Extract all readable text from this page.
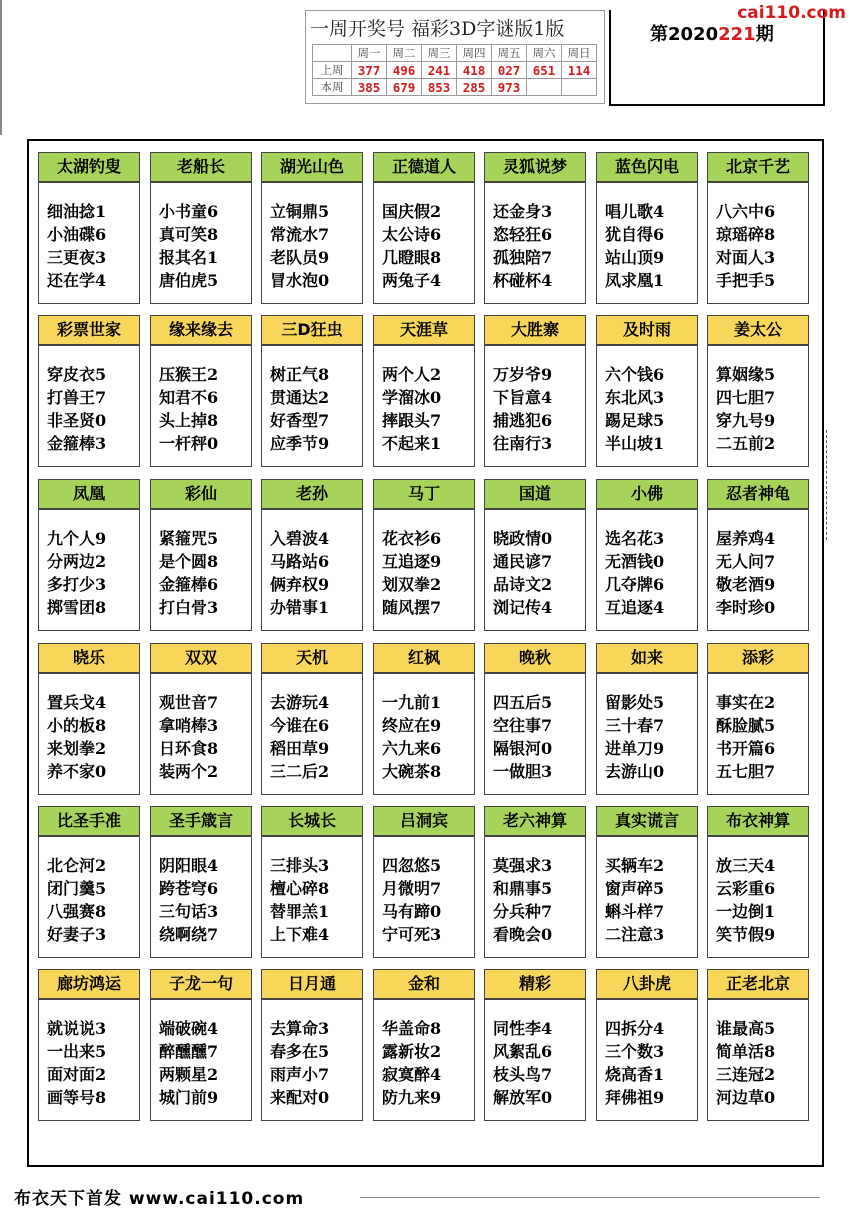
一周开奖号 福彩3D字谜版1版
	周一	周二	周三	周四	周五	周六	周日
上周	377	496	241	418	027	651	114
本周	385	679	853	285	973		
第2020221期
cai110.com
太湖钓叟
细油捻1
小油碟6
三更夜3
还在学4
老船长
小书童6
真可笑8
报其名1
唐伯虎5
湖光山色
立铜鼎5
常流水7
老队员9
冒水泡0
正德道人
国庆假2
太公诗6
几瞪眼8
两兔子4
灵狐说梦
还金身3
恣轻狂6
孤独陪7
杯碰杯4
蓝色闪电
唱儿歌4
犹自得6
站山顶9
凤求凰1
北京千艺
八六中6
琼瑶碎8
对面人3
手把手5
彩票世家
穿皮衣5
打兽王7
非圣贤0
金箍棒3
缘来缘去
压猴王2
知君不6
头上掉8
一杆秤0
三D狂虫
树正气8
贯通达2
好香型7
应季节9
天涯草
两个人2
学溜冰0
摔跟头7
不起来1
大胜寨
万岁爷9
下旨意4
捕逃犯6
往南行3
及时雨
六个钱6
东北风3
踢足球5
半山坡1
姜太公
算姻缘5
四七胆7
穿九号9
二五前2
凤凰
九个人9
分两边2
多打少3
掷雪团8
彩仙
紧箍咒5
是个圆8
金箍棒6
打白骨3
老孙
入碧波4
马路站6
俩弃权9
办错事1
马丁
花衣衫6
互追逐9
划双拳2
随风摆7
国道
晓政情0
通民谚7
品诗文2
浏记传4
小佛
选名花3
无酒钱0
几夺牌6
互追逐4
忍者神龟
屋养鸡4
无人问7
敬老酒9
李时珍0
晓乐
置兵戈4
小的板8
来划拳2
养不家0
双双
观世音7
拿哨棒3
日环食8
装两个2
天机
去游玩4
今谁在6
稻田草9
三二后2
红枫
一九前1
终应在9
六九来6
大碗茶8
晚秋
四五后5
空往事7
隔银河0
一做胆3
如来
留影处5
三十春7
进单刀9
去游山0
添彩
事实在2
酥脸腻5
书开篇6
五七胆7
比圣手准
北仑河2
闭门羹5
八强赛8
好妻子3
圣手箴言
阴阳眼4
跨苍穹6
三句话3
绕啊绕7
长城长
三排头3
檀心碎8
替罪羔1
上下难4
吕洞宾
四忽悠5
月微明7
马有蹄0
宁可死3
老六神算
莫强求3
和鼎事5
分兵种7
看晚会0
真实谎言
买辆车2
窗声碎5
蝌斗样7
二注意3
布衣神算
放三天4
云彩重6
一边倒1
笑节假9
廊坊鸿运
就说说3
一出来5
面对面2
画等号8
子龙一句
端破碗4
醉醺醺7
两颗星2
城门前9
日月通
去算命3
春多在5
雨声小7
来配对0
金和
华盖命8
露新妆2
寂寞醉4
防九来9
精彩
同性李4
风絮乱6
枝头鸟7
解放军0
八卦虎
四拆分4
三个数3
烧高香1
拜佛祖9
正老北京
谁最高5
简单活8
三连冠2
河边草0
布衣天下首发 www.cai110.com
